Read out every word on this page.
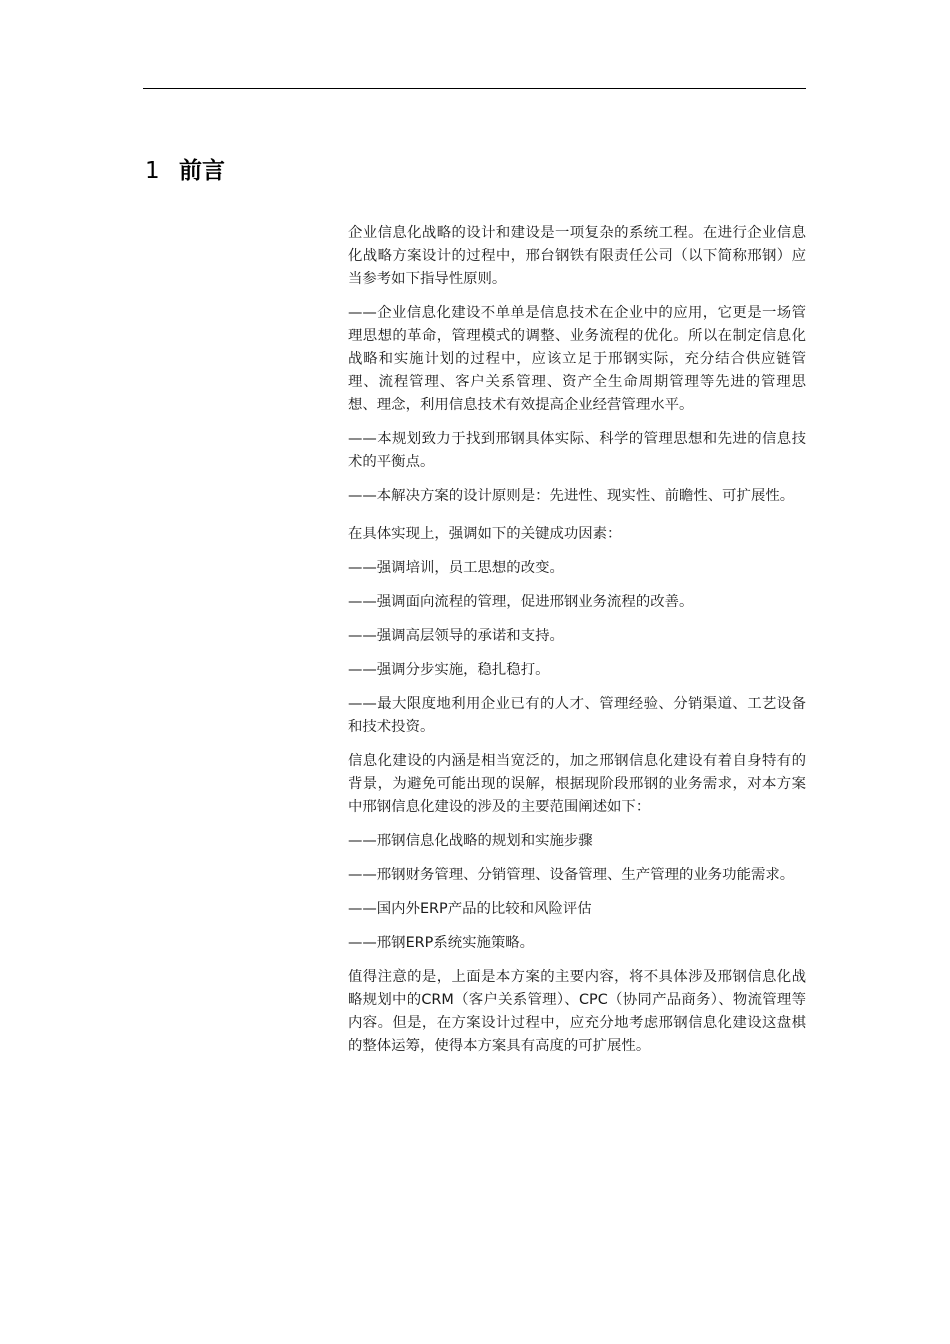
1 前言

企业信息化战略的设计和建设是一项复杂的系统工程。在进行企业信息化战略方案设计的过程中，邢台钢铁有限责任公司（以下简称邢钢）应当参考如下指导性原则。

——企业信息化建设不单单是信息技术在企业中的应用，它更是一场管理思想的革命，管理模式的调整、业务流程的优化。所以在制定信息化战略和实施计划的过程中，应该立足于邢钢实际，充分结合供应链管理、流程管理、客户关系管理、资产全生命周期管理等先进的管理思想、理念，利用信息技术有效提高企业经营管理水平。

——本规划致力于找到邢钢具体实际、科学的管理思想和先进的信息技术的平衡点。

——本解决方案的设计原则是：先进性、现实性、前瞻性、可扩展性。

在具体实现上，强调如下的关键成功因素：

——强调培训，员工思想的改变。

——强调面向流程的管理，促进邢钢业务流程的改善。

——强调高层领导的承诺和支持。

——强调分步实施，稳扎稳打。

——最大限度地利用企业已有的人才、管理经验、分销渠道、工艺设备和技术投资。

信息化建设的内涵是相当宽泛的，加之邢钢信息化建设有着自身特有的背景，为避免可能出现的误解，根据现阶段邢钢的业务需求，对本方案中邢钢信息化建设的涉及的主要范围阐述如下：

——邢钢信息化战略的规划和实施步骤

——邢钢财务管理、分销管理、设备管理、生产管理的业务功能需求。

——国内外ERP产品的比较和风险评估

——邢钢ERP系统实施策略。

值得注意的是，上面是本方案的主要内容，将不具体涉及邢钢信息化战略规划中的CRM（客户关系管理）、CPC（协同产品商务）、物流管理等内容。但是，在方案设计过程中，应充分地考虑邢钢信息化建设这盘棋的整体运筹，使得本方案具有高度的可扩展性。
